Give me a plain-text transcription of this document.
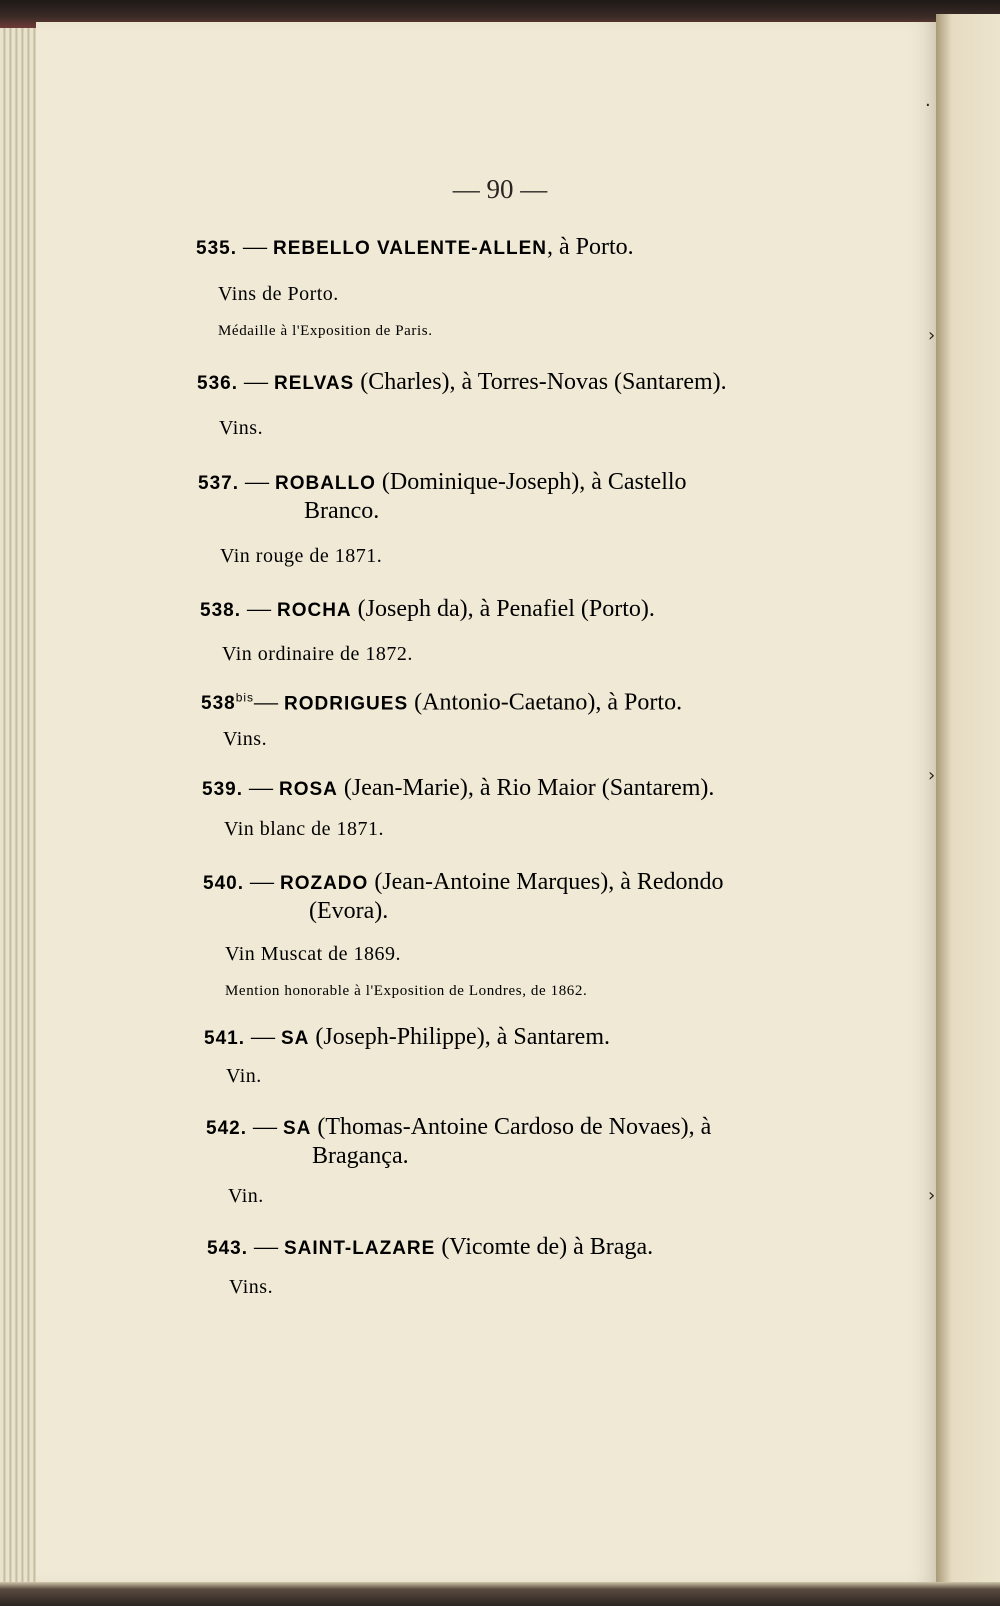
·
›
›
›
— 90 —
535. — REBELLO VALENTE-ALLEN, à Porto.
Vins de Porto.
Médaille à l'Exposition de Paris.
536. — RELVAS (Charles), à Torres-Novas (Santarem).
Vins.
537. — ROBALLO (Dominique-Joseph), à Castello
Branco.
Vin rouge de 1871.
538. — ROCHA (Joseph da), à Penafiel (Porto).
Vin ordinaire de 1872.
$538^{bis}—$ RODRIGUES (Antonio-Caetano), à Porto.
Vins.
539. — ROSA (Jean-Marie), à Rio Maior (Santarem).
Vin blanc de 1871.
540. — ROZADO (Jean-Antoine Marques), à Redondo
(Evora).
Vin Muscat de 1869.
Mention honorable à l'Exposition de Londres, de 1862.
541. — SA (Joseph-Philippe), à Santarem.
Vin.
542. — SA (Thomas-Antoine Cardoso de Novaes), à
Bragança.
Vin.
543. — SAINT-LAZARE (Vicomte de) à Braga.
Vins.
